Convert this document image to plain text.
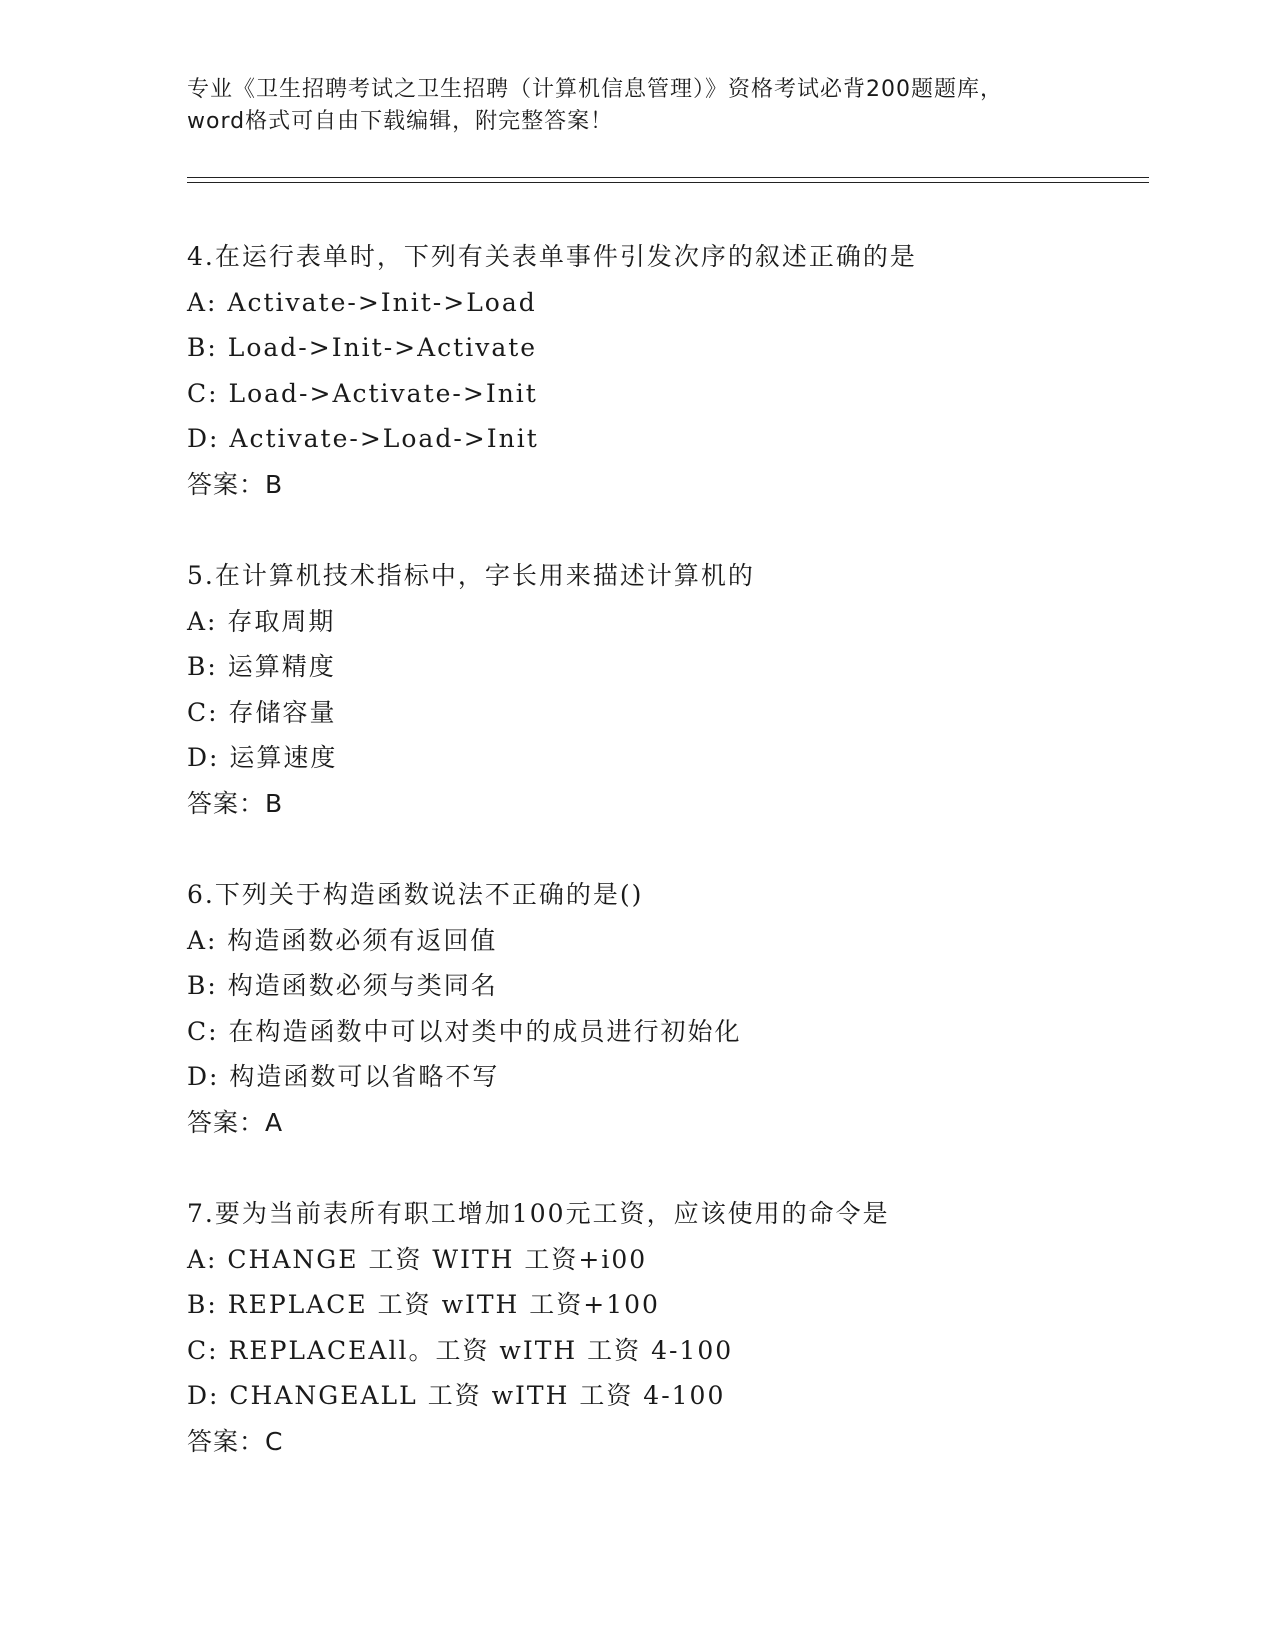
专业《卫生招聘考试之卫生招聘（计算机信息管理）》资格考试必背200题题库，
word格式可自由下载编辑，附完整答案！
4.在运行表单时，下列有关表单事件引发次序的叙述正确的是
A: Activate->Init->Load
B: Load->Init->Activate
C: Load->Activate->Init
D: Activate->Load->Init
答案：B
5.在计算机技术指标中，字长用来描述计算机的
A: 存取周期
B: 运算精度
C: 存储容量
D: 运算速度
答案：B
6.下列关于构造函数说法不正确的是()
A: 构造函数必须有返回值
B: 构造函数必须与类同名
C: 在构造函数中可以对类中的成员进行初始化
D: 构造函数可以省略不写
答案：A
7.要为当前表所有职工增加100元工资，应该使用的命令是
A: CHANGE 工资 WITH 工资+i00
B: REPLACE 工资 wITH 工资+100
C: REPLACEAll。工资 wITH 工资 4-100
D: CHANGEALL 工资 wITH 工资 4-100
答案：C
